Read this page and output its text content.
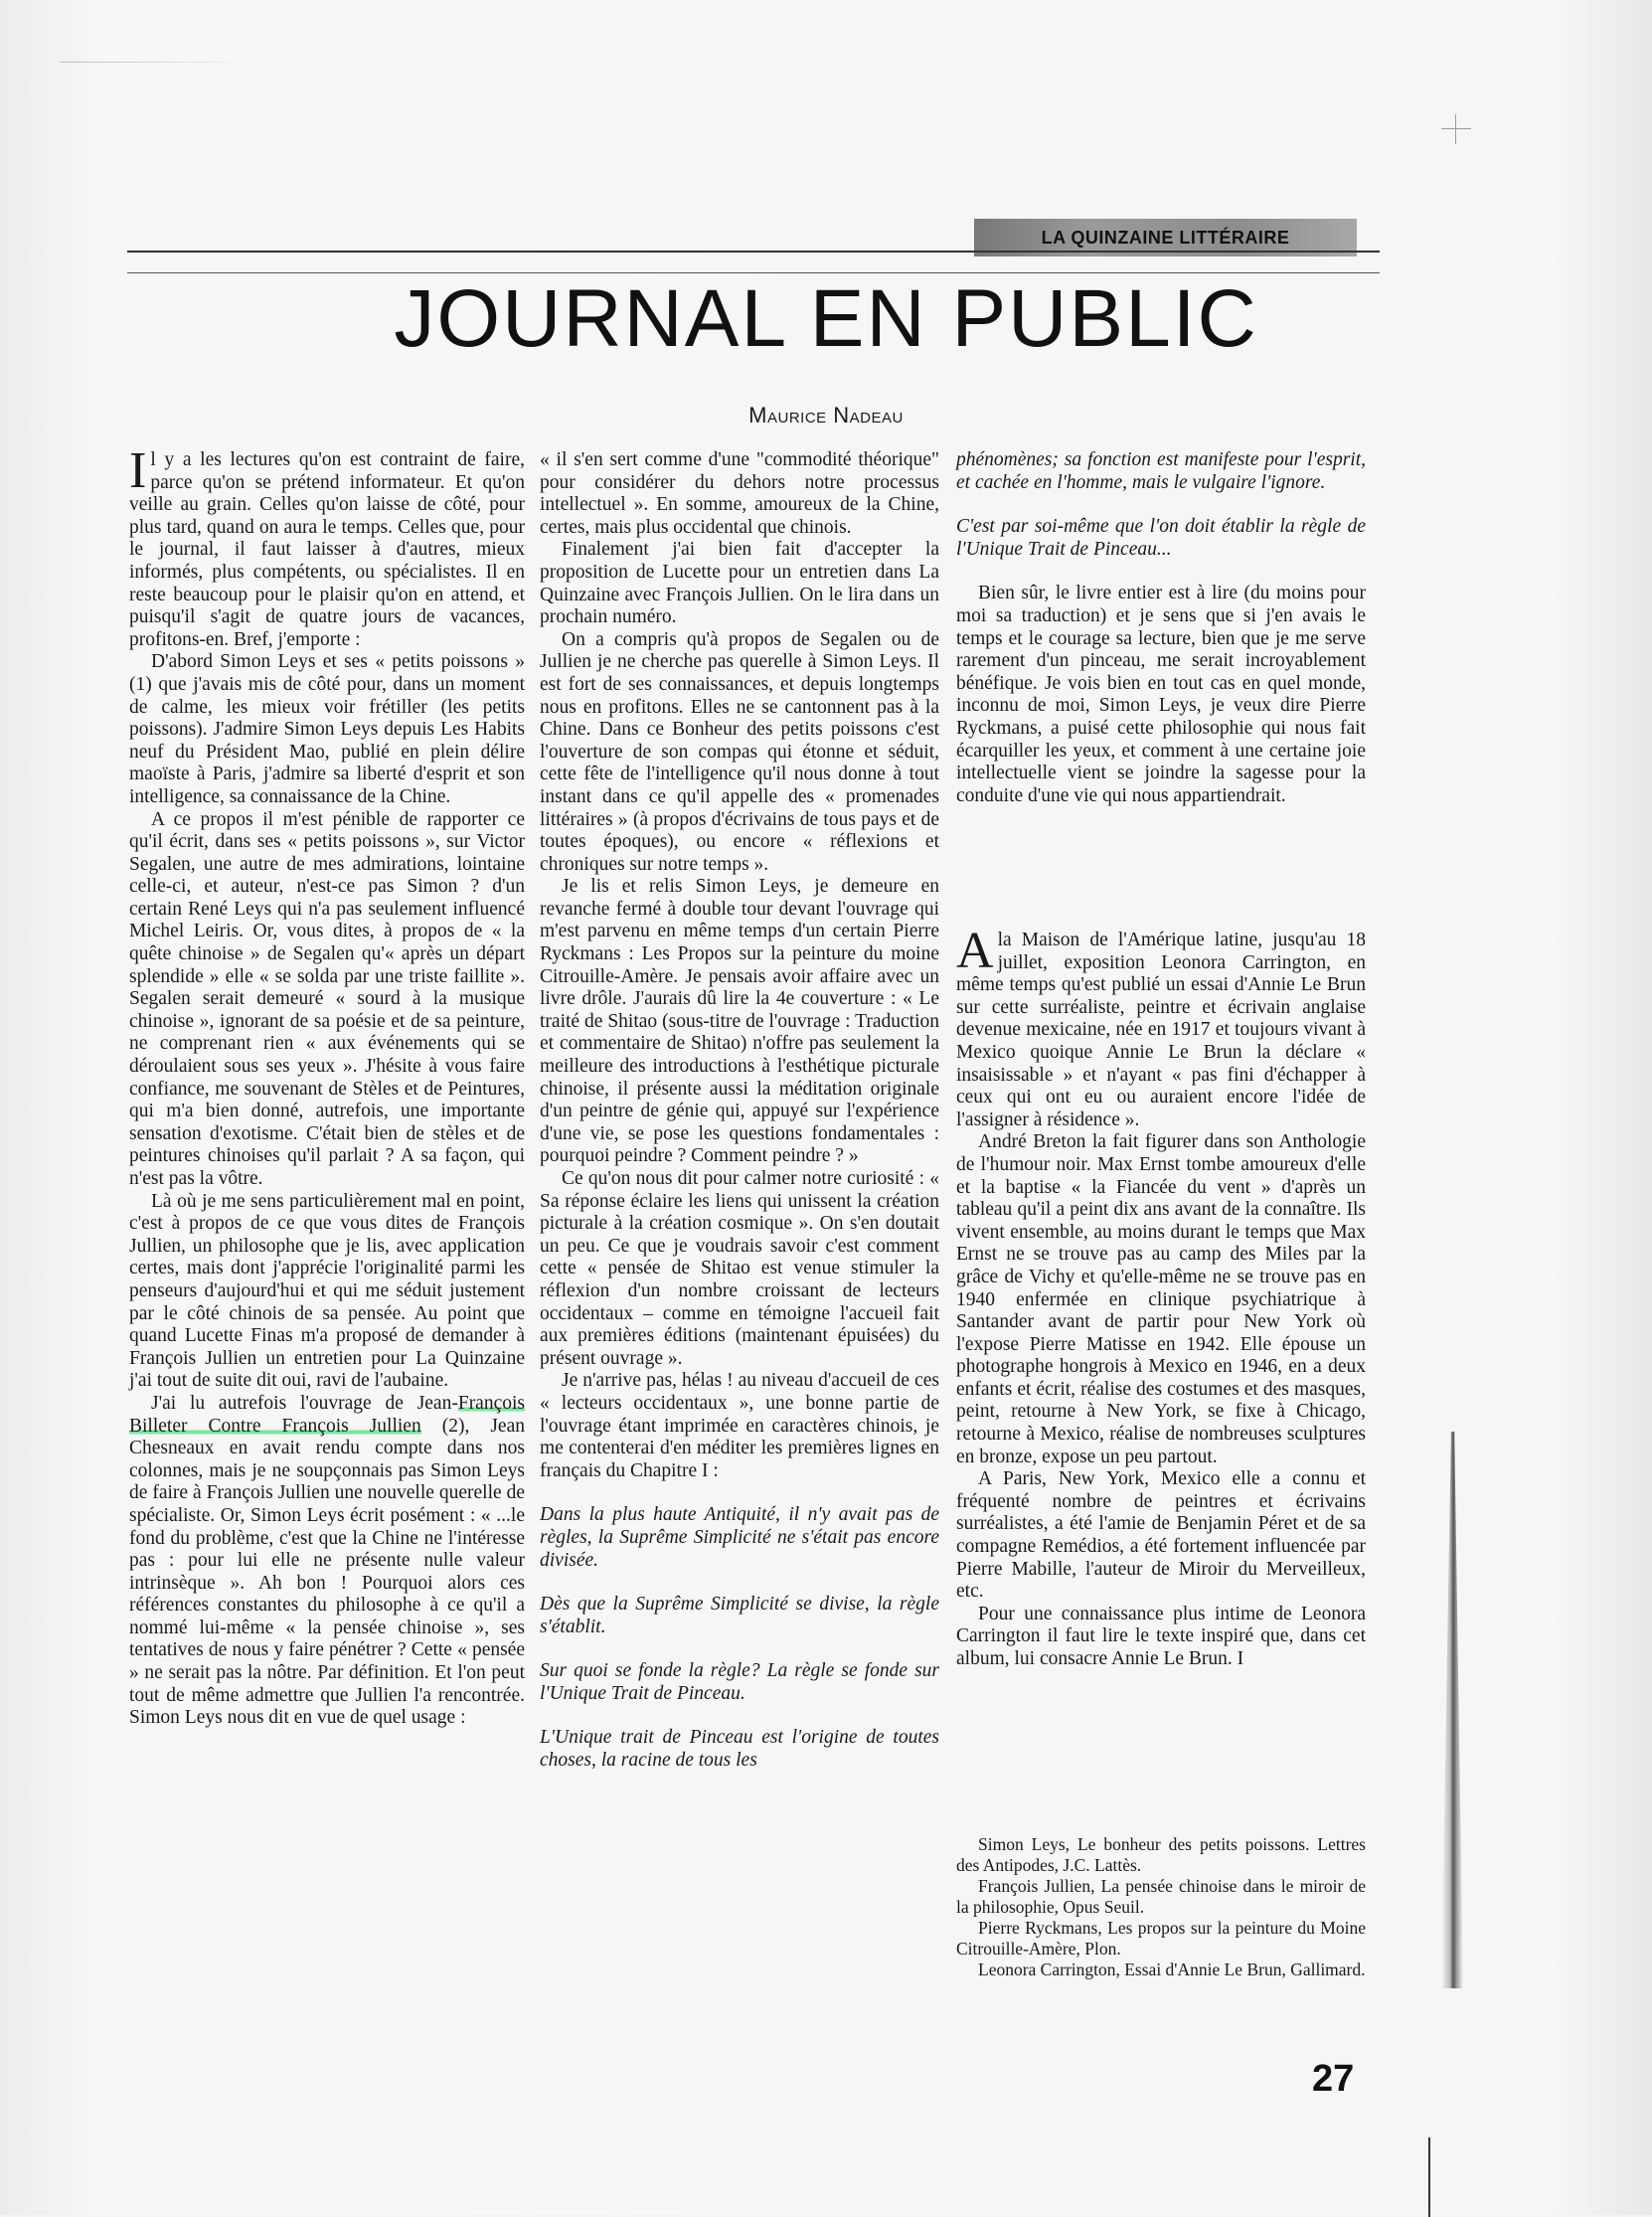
LA QUINZAINE LITTÉRAIRE
JOURNAL EN PUBLIC
Maurice Nadeau

Il y a les lectures qu'on est contraint de faire, parce qu'on se prétend informateur. Et qu'on veille au grain. Celles qu'on laisse de côté, pour plus tard, quand on aura le temps. Celles que, pour le journal, il faut laisser à d'autres, mieux informés, plus compétents, ou spécialistes. Il en reste beaucoup pour le plaisir qu'on en attend, et puisqu'il s'agit de quatre jours de vacances, profitons-en. Bref, j'emporte :

D'abord Simon Leys et ses « petits poissons » (1) que j'avais mis de côté pour, dans un moment de calme, les mieux voir frétiller (les petits poissons). J'admire Simon Leys depuis Les Habits neuf du Président Mao, publié en plein délire maoïste à Paris, j'admire sa liberté d'esprit et son intelligence, sa connaissance de la Chine.

A ce propos il m'est pénible de rapporter ce qu'il écrit, dans ses « petits poissons », sur Victor Segalen, une autre de mes admirations, lointaine celle-ci, et auteur, n'est-ce pas Simon ? d'un certain René Leys qui n'a pas seulement influencé Michel Leiris. Or, vous dites, à propos de « la quête chinoise » de Segalen qu'« après un départ splendide » elle « se solda par une triste faillite ». Segalen serait demeuré « sourd à la musique chinoise », ignorant de sa poésie et de sa peinture, ne comprenant rien « aux événements qui se déroulaient sous ses yeux ». J'hésite à vous faire confiance, me souvenant de Stèles et de Peintures, qui m'a bien donné, autrefois, une importante sensation d'exotisme. C'était bien de stèles et de peintures chinoises qu'il parlait ? A sa façon, qui n'est pas la vôtre.

Là où je me sens particulièrement mal en point, c'est à propos de ce que vous dites de François Jullien, un philosophe que je lis, avec application certes, mais dont j'apprécie l'originalité parmi les penseurs d'aujourd'hui et qui me séduit justement par le côté chinois de sa pensée. Au point que quand Lucette Finas m'a proposé de demander à François Jullien un entretien pour La Quinzaine j'ai tout de suite dit oui, ravi de l'aubaine.

J'ai lu autrefois l'ouvrage de Jean-François Billeter Contre François Jullien (2), Jean Chesneaux en avait rendu compte dans nos colonnes, mais je ne soupçonnais pas Simon Leys de faire à François Jullien une nouvelle querelle de spécialiste. Or, Simon Leys écrit posément : « ...le fond du problème, c'est que la Chine ne l'intéresse pas : pour lui elle ne présente nulle valeur intrinsèque ». Ah bon ! Pourquoi alors ces références constantes du philosophe à ce qu'il a nommé lui-même « la pensée chinoise », ses tentatives de nous y faire pénétrer ? Cette « pensée » ne serait pas la nôtre. Par définition. Et l'on peut tout de même admettre que Jullien l'a rencontrée. Simon Leys nous dit en vue de quel usage :

« il s'en sert comme d'une "commodité théorique" pour considérer du dehors notre processus intellectuel ». En somme, amoureux de la Chine, certes, mais plus occidental que chinois.

Finalement j'ai bien fait d'accepter la proposition de Lucette pour un entretien dans La Quinzaine avec François Jullien. On le lira dans un prochain numéro.

On a compris qu'à propos de Segalen ou de Jullien je ne cherche pas querelle à Simon Leys. Il est fort de ses connaissances, et depuis longtemps nous en profitons. Elles ne se cantonnent pas à la Chine. Dans ce Bonheur des petits poissons c'est l'ouverture de son compas qui étonne et séduit, cette fête de l'intelligence qu'il nous donne à tout instant dans ce qu'il appelle des « promenades littéraires » (à propos d'écrivains de tous pays et de toutes époques), ou encore « réflexions et chroniques sur notre temps ».

Je lis et relis Simon Leys, je demeure en revanche fermé à double tour devant l'ouvrage qui m'est parvenu en même temps d'un certain Pierre Ryckmans : Les Propos sur la peinture du moine Citrouille-Amère. Je pensais avoir affaire avec un livre drôle. J'aurais dû lire la 4e couverture : « Le traité de Shitao (sous-titre de l'ouvrage : Traduction et commentaire de Shitao) n'offre pas seulement la meilleure des introductions à l'esthétique picturale chinoise, il présente aussi la méditation originale d'un peintre de génie qui, appuyé sur l'expérience d'une vie, se pose les questions fondamentales : pourquoi peindre ? Comment peindre ? »

Ce qu'on nous dit pour calmer notre curiosité : « Sa réponse éclaire les liens qui unissent la création picturale à la création cosmique ». On s'en doutait un peu. Ce que je voudrais savoir c'est comment cette « pensée de Shitao est venue stimuler la réflexion d'un nombre croissant de lecteurs occidentaux – comme en témoigne l'accueil fait aux premières éditions (maintenant épuisées) du présent ouvrage ».

Je n'arrive pas, hélas ! au niveau d'accueil de ces « lecteurs occidentaux », une bonne partie de l'ouvrage étant imprimée en caractères chinois, je me contenterai d'en méditer les premières lignes en français du Chapitre I :

Dans la plus haute Antiquité, il n'y avait pas de règles, la Suprême Simplicité ne s'était pas encore divisée.

Dès que la Suprême Simplicité se divise, la règle s'établit.

Sur quoi se fonde la règle? La règle se fonde sur l'Unique Trait de Pinceau.

L'Unique trait de Pinceau est l'origine de toutes choses, la racine de tous les

phénomènes; sa fonction est manifeste pour l'esprit, et cachée en l'homme, mais le vulgaire l'ignore.

C'est par soi-même que l'on doit établir la règle de l'Unique Trait de Pinceau...

Bien sûr, le livre entier est à lire (du moins pour moi sa traduction) et je sens que si j'en avais le temps et le courage sa lecture, bien que je me serve rarement d'un pinceau, me serait incroyablement bénéfique. Je vois bien en tout cas en quel monde, inconnu de moi, Simon Leys, je veux dire Pierre Ryckmans, a puisé cette philosophie qui nous fait écarquiller les yeux, et comment à une certaine joie intellectuelle vient se joindre la sagesse pour la conduite d'une vie qui nous appartiendrait.

Ala Maison de l'Amérique latine, jusqu'au 18 juillet, exposition Leonora Carrington, en même temps qu'est publié un essai d'Annie Le Brun sur cette surréaliste, peintre et écrivain anglaise devenue mexicaine, née en 1917 et toujours vivant à Mexico quoique Annie Le Brun la déclare « insaisissable » et n'ayant « pas fini d'échapper à ceux qui ont eu ou auraient encore l'idée de l'assigner à résidence ».

André Breton la fait figurer dans son Anthologie de l'humour noir. Max Ernst tombe amoureux d'elle et la baptise « la Fiancée du vent » d'après un tableau qu'il a peint dix ans avant de la connaître. Ils vivent ensemble, au moins durant le temps que Max Ernst ne se trouve pas au camp des Miles par la grâce de Vichy et qu'elle-même ne se trouve pas en 1940 enfermée en clinique psychiatrique à Santander avant de partir pour New York où l'expose Pierre Matisse en 1942. Elle épouse un photographe hongrois à Mexico en 1946, en a deux enfants et écrit, réalise des costumes et des masques, peint, retourne à New York, se fixe à Chicago, retourne à Mexico, réalise de nombreuses sculptures en bronze, expose un peu partout.

A Paris, New York, Mexico elle a connu et fréquenté nombre de peintres et écrivains surréalistes, a été l'amie de Benjamin Péret et de sa compagne Remédios, a été fortement influencée par Pierre Mabille, l'auteur de Miroir du Merveilleux, etc.

Pour une connaissance plus intime de Leonora Carrington il faut lire le texte inspiré que, dans cet album, lui consacre Annie Le Brun. I

Simon Leys, Le bonheur des petits poissons. Lettres des Antipodes, J.C. Lattès.

François Jullien, La pensée chinoise dans le miroir de la philosophie, Opus Seuil.

Pierre Ryckmans, Les propos sur la peinture du Moine Citrouille-Amère, Plon.

Leonora Carrington, Essai d'Annie Le Brun, Gallimard.

27
